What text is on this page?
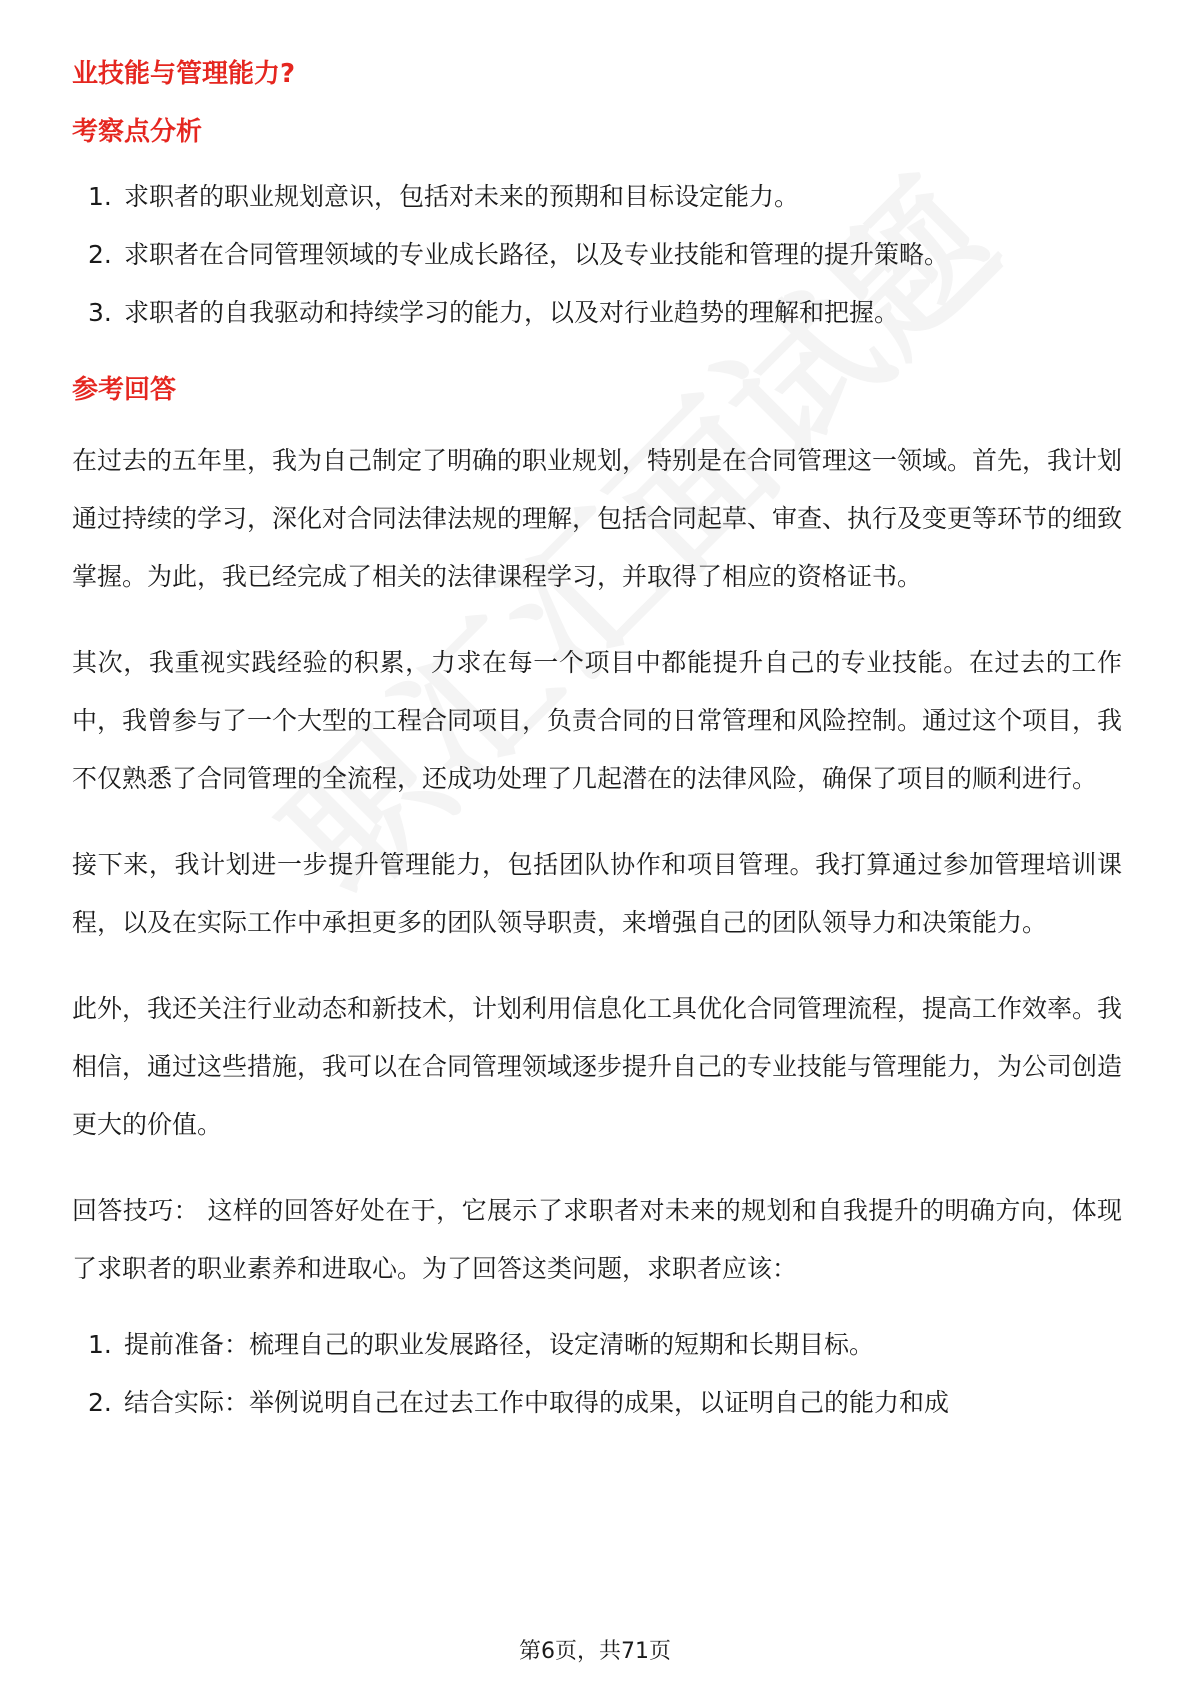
业技能与管理能力?
考察点分析
1. 求职者的职业规划意识，包括对未来的预期和目标设定能力。
2. 求职者在合同管理领域的专业成长路径，以及专业技能和管理的提升策略。
3. 求职者的自我驱动和持续学习的能力，以及对行业趋势的理解和把握。
参考回答

在过去的五年里，我为自己制定了明确的职业规划，特别是在合同管理这一领域。首先，我计划通过持续的学习，深化对合同法律法规的理解，包括合同起草、审查、执行及变更等环节的细致掌握。为此，我已经完成了相关的法律课程学习，并取得了相应的资格证书。

其次，我重视实践经验的积累，力求在每一个项目中都能提升自己的专业技能。在过去的工作中，我曾参与了一个大型的工程合同项目，负责合同的日常管理和风险控制。通过这个项目，我不仅熟悉了合同管理的全流程，还成功处理了几起潜在的法律风险，确保了项目的顺利进行。

接下来，我计划进一步提升管理能力，包括团队协作和项目管理。我打算通过参加管理培训课程，以及在实际工作中承担更多的团队领导职责，来增强自己的团队领导力和决策能力。

此外，我还关注行业动态和新技术，计划利用信息化工具优化合同管理流程，提高工作效率。我相信，通过这些措施，我可以在合同管理领域逐步提升自己的专业技能与管理能力，为公司创造更大的价值。

回答技巧： 这样的回答好处在于，它展示了求职者对未来的规划和自我提升的明确方向，体现了求职者的职业素养和进取心。为了回答这类问题，求职者应该：

1. 提前准备：梳理自己的职业发展路径，设定清晰的短期和长期目标。
2. 结合实际：举例说明自己在过去工作中取得的成果，以证明自己的能力和成
第6页，共71页
